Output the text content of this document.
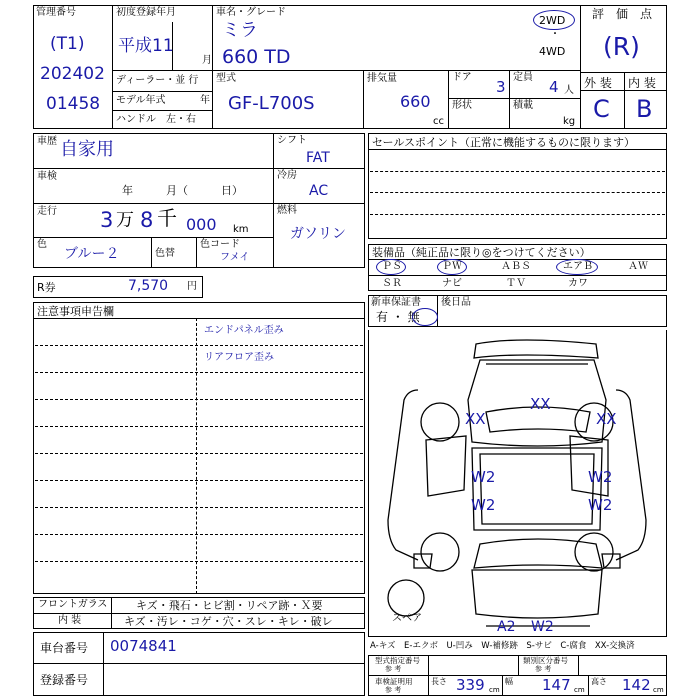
管理番号
(T1)
202402
01458
初度登録年月
平成11
月
車名・グレード
ミラ
660 TD
2WD
・
4WD
評　価　点
(R)
ディーラー・並 行
モデル年式	年
ハンドル　左・右
型式
GF-L700S
排気量
660
cc
ドア
3
定員
4 人
形状	積載
kg
外 装 内 装
C B
車歴 自家用
車検
年　　　月（　　　日）
走行 3 万 8 千 000 km
色
ブルー２	色替
色コード
フメイ
シフト
FAT
冷房
AC
燃料
ガソリン
セールスポイント（正常に機能するものに限ります）
装備品（純正品に限り◎をつけてください）
ＰＳ	ＰＷ	ＡＢＳ	エアＢ	ＡＷ
ＳＲ	ナビ	ＴＶ	カワ
R券	7,570 円
新車保証書
有 ・ 無
後日品
注意事項申告欄
エンドパネル歪み
リアフロア歪み
XX
XX	XX
W2
W2
W2
W2
A2 W2
スペア
フロントガラス	キズ・飛石・ヒビ割・リペア跡・Ｘ要
内 装	キズ・汚レ・コゲ・穴・スレ・キレ・破レ
車台番号 0074841
登録番号
A-キズ　E-エクボ　U-凹み　W-補修跡　S-サビ　C-腐食　XX-交換済
型式指定番号
参 考
類別区分番号
参 考
車検証明用
参 考
長さ 339 cm
幅 147 cm
高さ 142 cm
